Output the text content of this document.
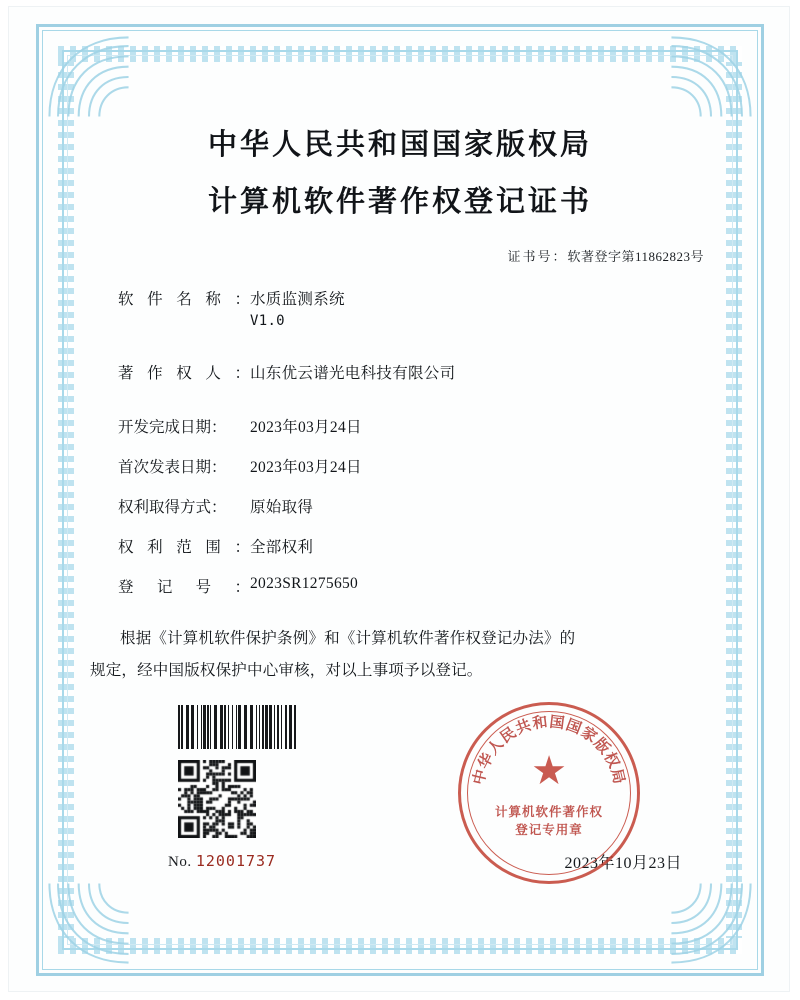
中华人民共和国国家版权局
计算机软件著作权登记证书
证书号：软著登字第11862823号
软 件 名 称 ： 水质监测系统
V1.0
著 作 权 人 ： 山东优云谱光电科技有限公司
开发完成日期：	2023年03月24日
首次发表日期：	2023年03月24日
权利取得方式：	原始取得
权 利 范 围 ： 全部权利
登 记 号 ： 2023SR1275650
根据《计算机软件保护条例》和《计算机软件著作权登记办法》的
规定，经中国版权保护中心审核，对以上事项予以登记。
No. 12001737	2023年10月23日
中华人民共和国国家版权局
★
计算机软件著作权
登记专用章
